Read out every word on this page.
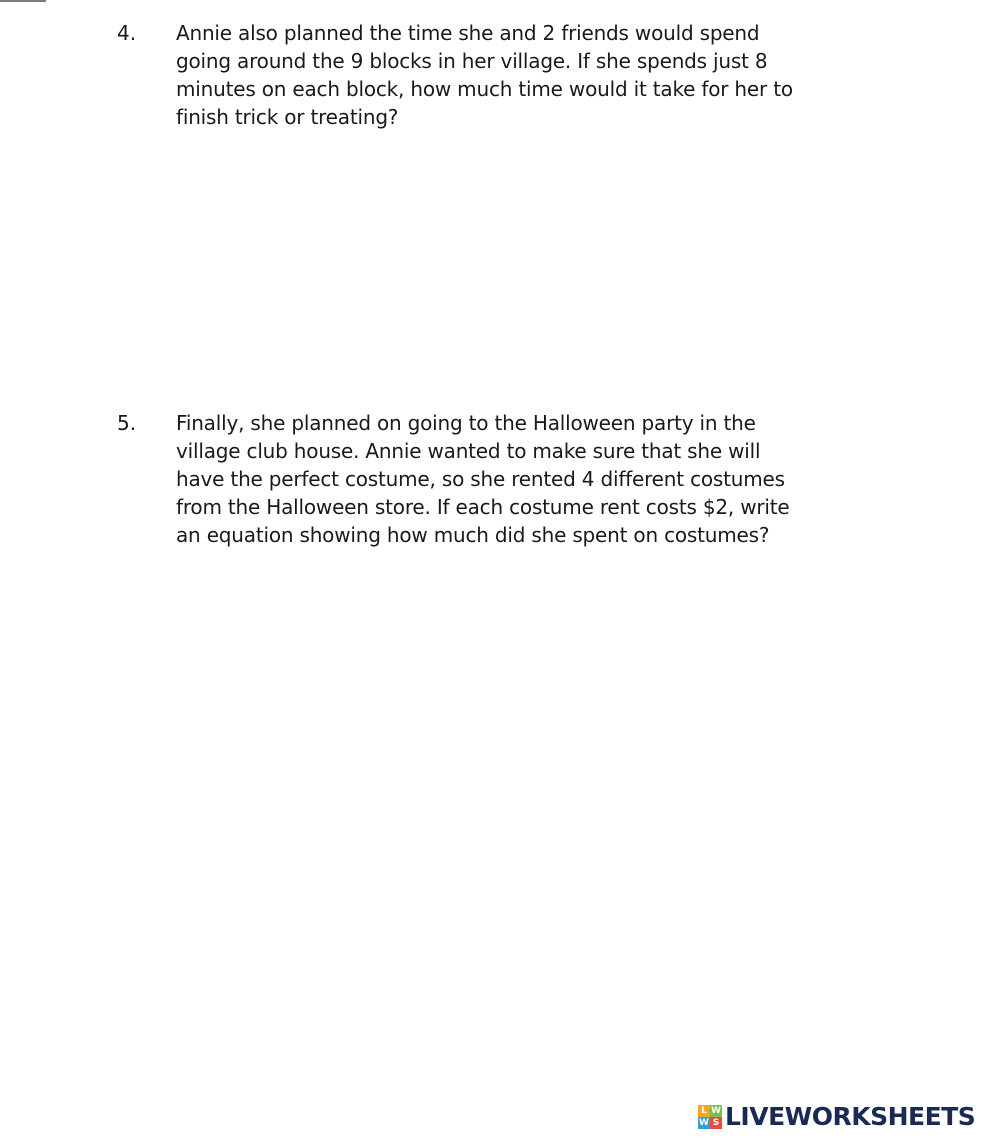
4. Annie also planned the time she and 2 friends would spend
going around the 9 blocks in her village. If she spends just 8
minutes on each block, how much time would it take for her to
finish trick or treating?

5. Finally, she planned on going to the Halloween party in the
village club house. Annie wanted to make sure that she will
have the perfect costume, so she rented 4 different costumes
from the Halloween store. If each costume rent costs $2, write
an equation showing how much did she spent on costumes?

L W
W S LIVEWORKSHEETS
